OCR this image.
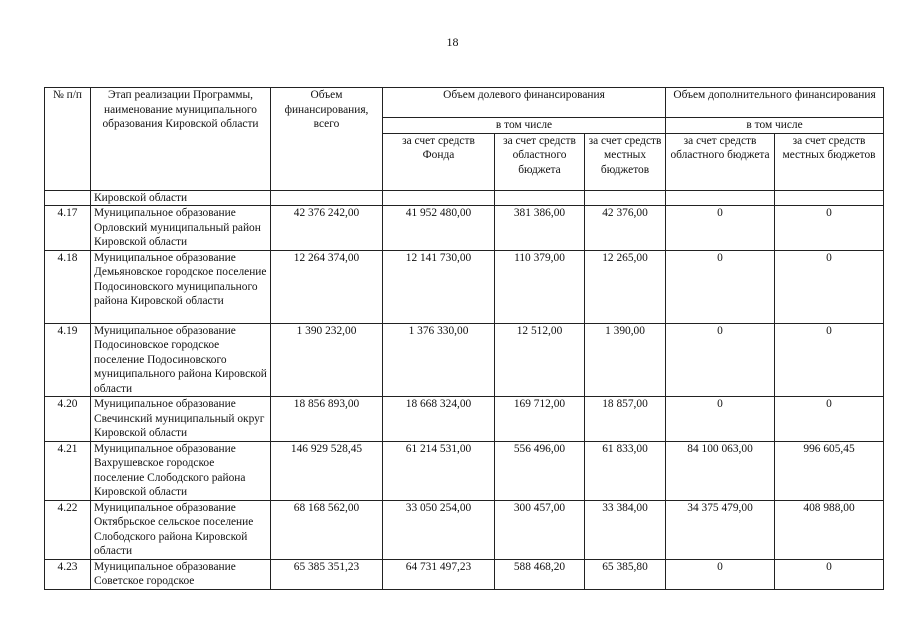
18
№ п/п	Этап реализации Программы, наименование муниципального образования Кировской области	Объем финансирования, всего	Объем долевого финансирования			Объем дополнительного финансирования	
			в том числе			в том числе	
			за счет средств Фонда	за счет средств областного бюджета	за счет средств местных бюджетов	за счет средств областного бюджета	за счет средств местных бюджетов
	Кировской области						
4.17	Муниципальное образование Орловский муниципальный район Кировской области	42 376 242,00	41 952 480,00	381 386,00	42 376,00	0	0
4.18	Муниципальное образование Демьяновское городское поселение Подосиновского муниципального района Кировской области	12 264 374,00	12 141 730,00	110 379,00	12 265,00	0	0
4.19	Муниципальное образование Подосиновское городское поселение Подосиновского муниципального района Кировской области	1 390 232,00	1 376 330,00	12 512,00	1 390,00	0	0
4.20	Муниципальное образование Свечинский муниципальный округ Кировской области	18 856 893,00	18 668 324,00	169 712,00	18 857,00	0	0
4.21	Муниципальное образование Вахрушевское городское поселение Слободского района Кировской области	146 929 528,45	61 214 531,00	556 496,00	61 833,00	84 100 063,00	996 605,45
4.22	Муниципальное образование Октябрьское сельское поселение Слободского района Кировской области	68 168 562,00	33 050 254,00	300 457,00	33 384,00	34 375 479,00	408 988,00
4.23	Муниципальное образование Советское городское	65 385 351,23	64 731 497,23	588 468,20	65 385,80	0	0
